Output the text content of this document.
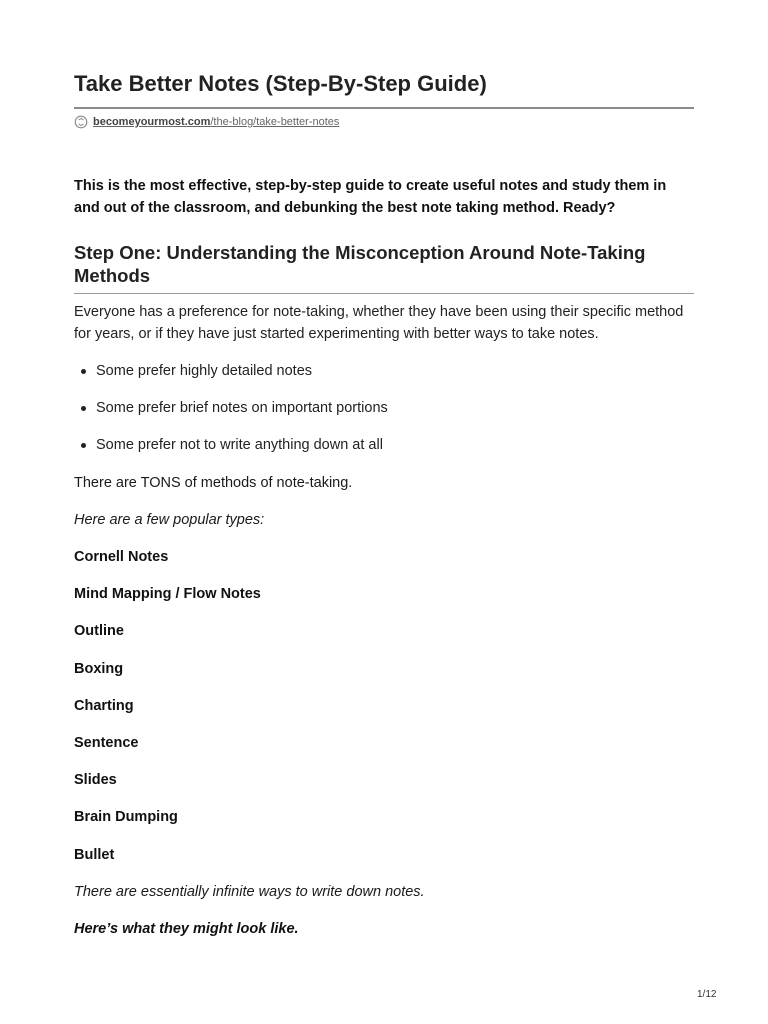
Take Better Notes (Step-By-Step Guide)
becomeyourmost.com/the-blog/take-better-notes
This is the most effective, step-by-step guide to create useful notes and study them in and out of the classroom, and debunking the best note taking method. Ready?
Step One: Understanding the Misconception Around Note-Taking Methods
Everyone has a preference for note-taking, whether they have been using their specific method for years, or if they have just started experimenting with better ways to take notes.
Some prefer highly detailed notes
Some prefer brief notes on important portions
Some prefer not to write anything down at all
There are TONS of methods of note-taking.
Here are a few popular types:
Cornell Notes
Mind Mapping / Flow Notes
Outline
Boxing
Charting
Sentence
Slides
Brain Dumping
Bullet
There are essentially infinite ways to write down notes.
Here’s what they might look like.
1/12
